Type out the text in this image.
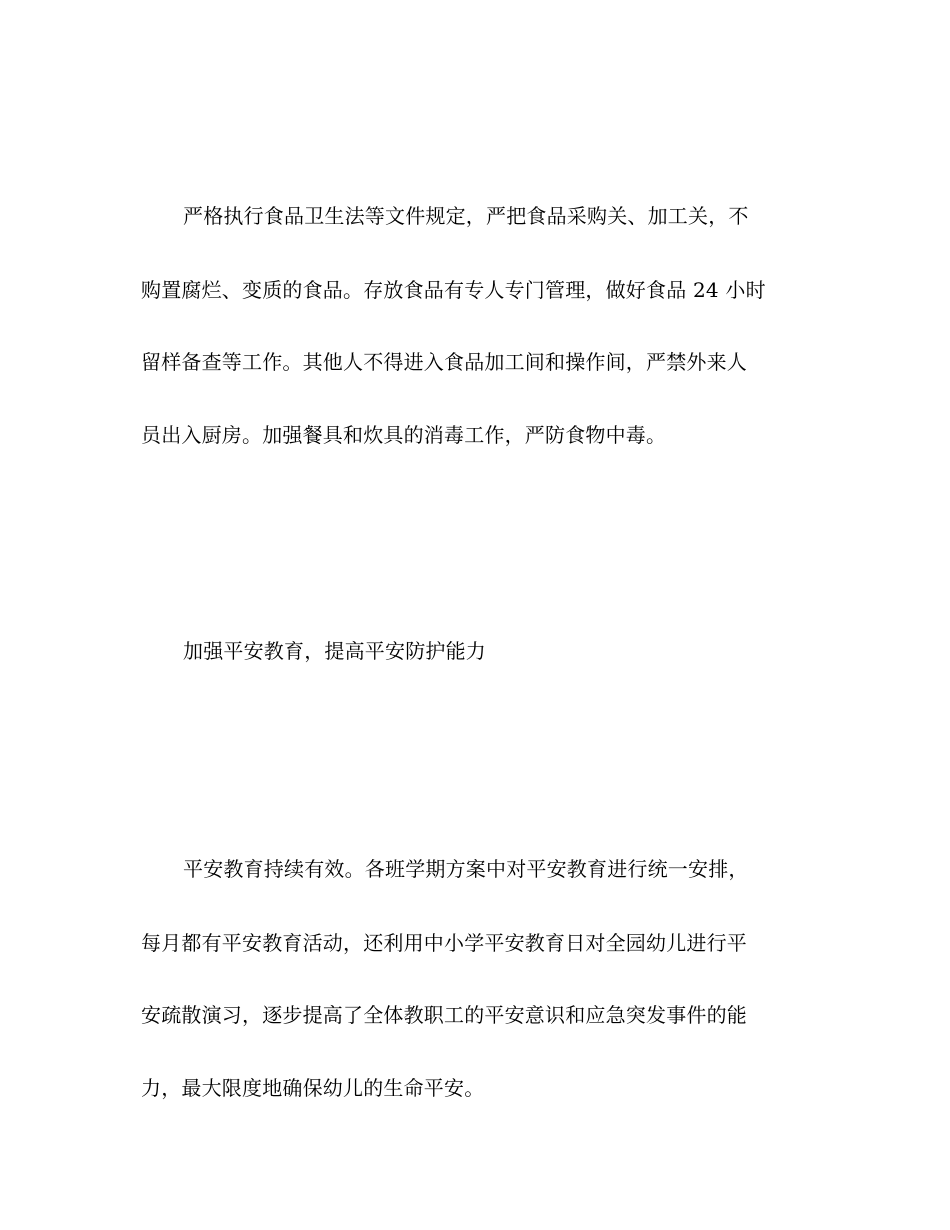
严格执行食品卫生法等文件规定，严把食品采购关、加工关，不
购置腐烂、变质的食品。存放食品有专人专门管理，做好食品 24 小时
留样备查等工作。其他人不得进入食品加工间和操作间，严禁外来人
员出入厨房。加强餐具和炊具的消毒工作，严防食物中毒。
加强平安教育，提高平安防护能力
平安教育持续有效。各班学期方案中对平安教育进行统一安排，
每月都有平安教育活动，还利用中小学平安教育日对全园幼儿进行平
安疏散演习，逐步提高了全体教职工的平安意识和应急突发事件的能
力，最大限度地确保幼儿的生命平安。
